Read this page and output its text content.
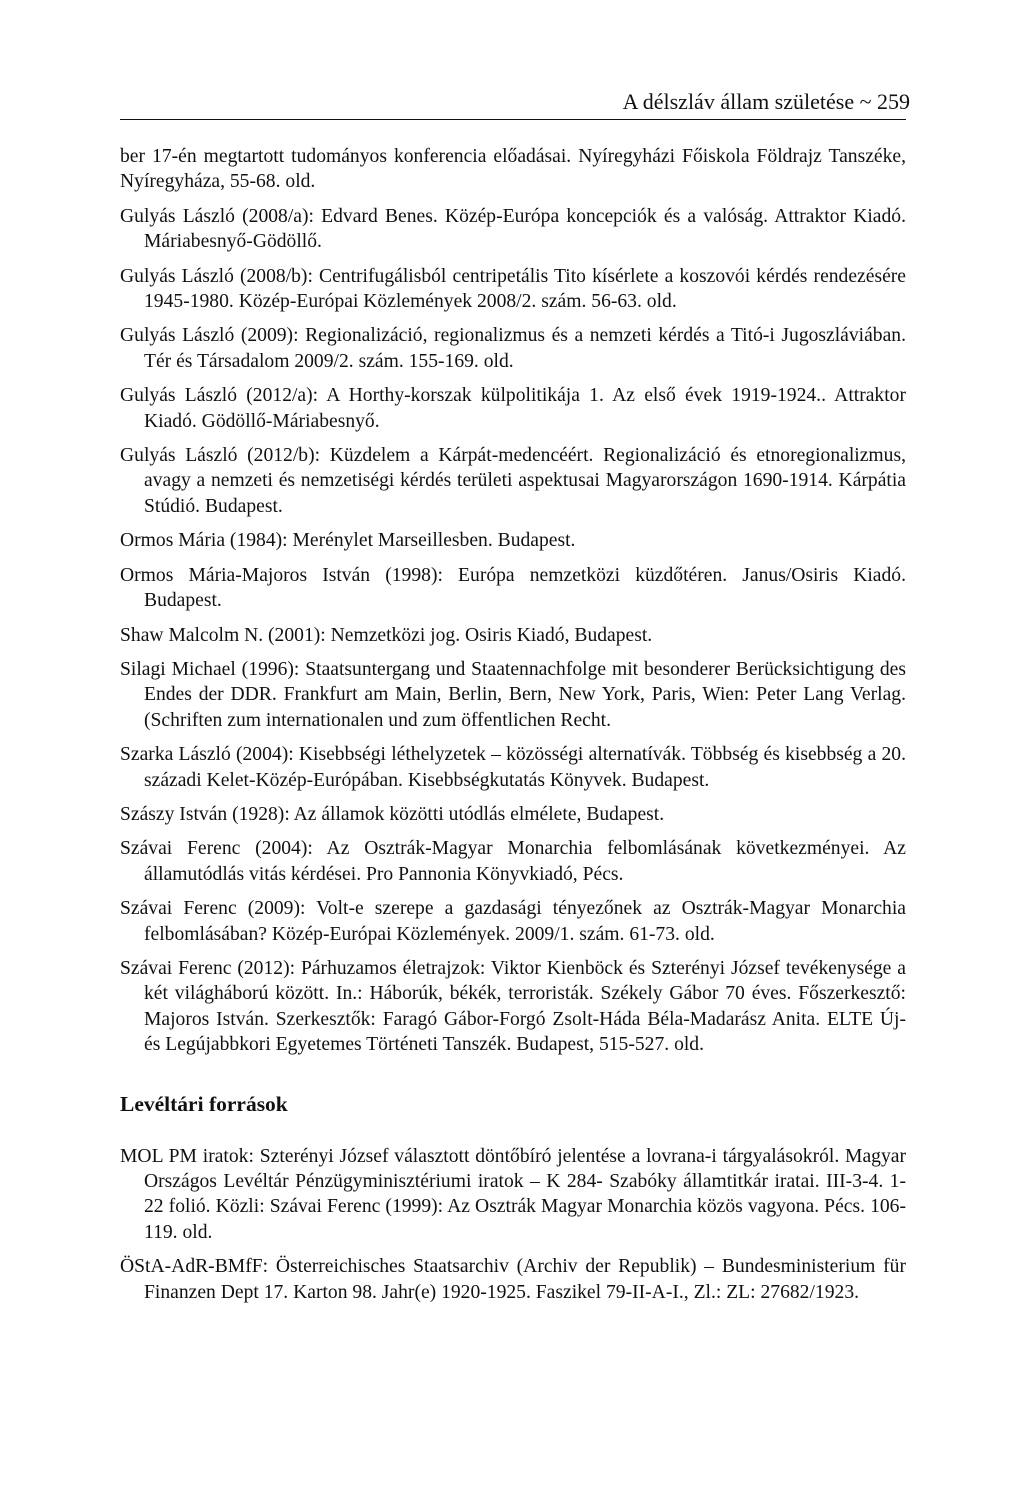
A délszláv állam születése ~ 259

ber 17-én megtartott tudományos konferencia előadásai. Nyíregyházi Főiskola Földrajz Tanszéke, Nyíregyháza, 55-68. old.

Gulyás László (2008/a): Edvard Benes. Közép-Európa koncepciók és a valóság. Attraktor Kiadó. Máriabesnyő-Gödöllő.

Gulyás László (2008/b): Centrifugálisból centripetális Tito kísérlete a koszovói kérdés rendezésére 1945-1980. Közép-Európai Közlemények 2008/2. szám. 56-63. old.

Gulyás László (2009): Regionalizáció, regionalizmus és a nemzeti kérdés a Titó-i Jugoszláviában. Tér és Társadalom 2009/2. szám. 155-169. old.

Gulyás László (2012/a): A Horthy-korszak külpolitikája 1. Az első évek 1919-1924.. Attraktor Kiadó. Gödöllő-Máriabesnyő.

Gulyás László (2012/b): Küzdelem a Kárpát-medencéért. Regionalizáció és etnoregionalizmus, avagy a nemzeti és nemzetiségi kérdés területi aspektusai Magyarországon 1690-1914. Kárpátia Stúdió. Budapest.

Ormos Mária (1984): Merénylet Marseillesben. Budapest.

Ormos Mária-Majoros István (1998): Európa nemzetközi küzdőtéren. Janus/Osiris Kiadó. Budapest.

Shaw Malcolm N. (2001): Nemzetközi jog. Osiris Kiadó, Budapest.

Silagi Michael (1996): Staatsuntergang und Staatennachfolge mit besonderer Berücksichtigung des Endes der DDR. Frankfurt am Main, Berlin, Bern, New York, Paris, Wien: Peter Lang Verlag. (Schriften zum internationalen und zum öffentlichen Recht.

Szarka László (2004): Kisebbségi léthelyzetek – közösségi alternatívák. Többség és kisebbség a 20. századi Kelet-Közép-Európában. Kisebbségkutatás Könyvek. Budapest.

Szászy István (1928): Az államok közötti utódlás elmélete, Budapest.

Szávai Ferenc (2004): Az Osztrák-Magyar Monarchia felbomlásának következményei. Az államutódlás vitás kérdései. Pro Pannonia Könyvkiadó, Pécs.

Szávai Ferenc (2009): Volt-e szerepe a gazdasági tényezőnek az Osztrák-Magyar Monarchia felbomlásában? Közép-Európai Közlemények. 2009/1. szám. 61-73. old.

Szávai Ferenc (2012): Párhuzamos életrajzok: Viktor Kienböck és Szterényi József tevékenysége a két világháború között. In.: Háborúk, békék, terroristák. Székely Gábor 70 éves. Főszerkesztő: Majoros István. Szerkesztők: Faragó Gábor-Forgó Zsolt-Háda Béla-Madarász Anita. ELTE Új- és Legújabbkori Egyetemes Történeti Tanszék. Budapest, 515-527. old.

Levéltári források

MOL PM iratok: Szterényi József választott döntőbíró jelentése a lovrana-i tárgyalásokról. Magyar Országos Levéltár Pénzügyminisztériumi iratok – K 284- Szabóky államtitkár iratai. III-3-4. 1-22 folió. Közli: Szávai Ferenc (1999): Az Osztrák Magyar Monarchia közös vagyona. Pécs. 106-119. old.

ÖStA-AdR-BMfF: Österreichisches Staatsarchiv (Archiv der Republik) – Bundesministerium für Finanzen Dept 17. Karton 98. Jahr(e) 1920-1925. Faszikel 79-II-A-I., Zl.: ZL: 27682/1923.
